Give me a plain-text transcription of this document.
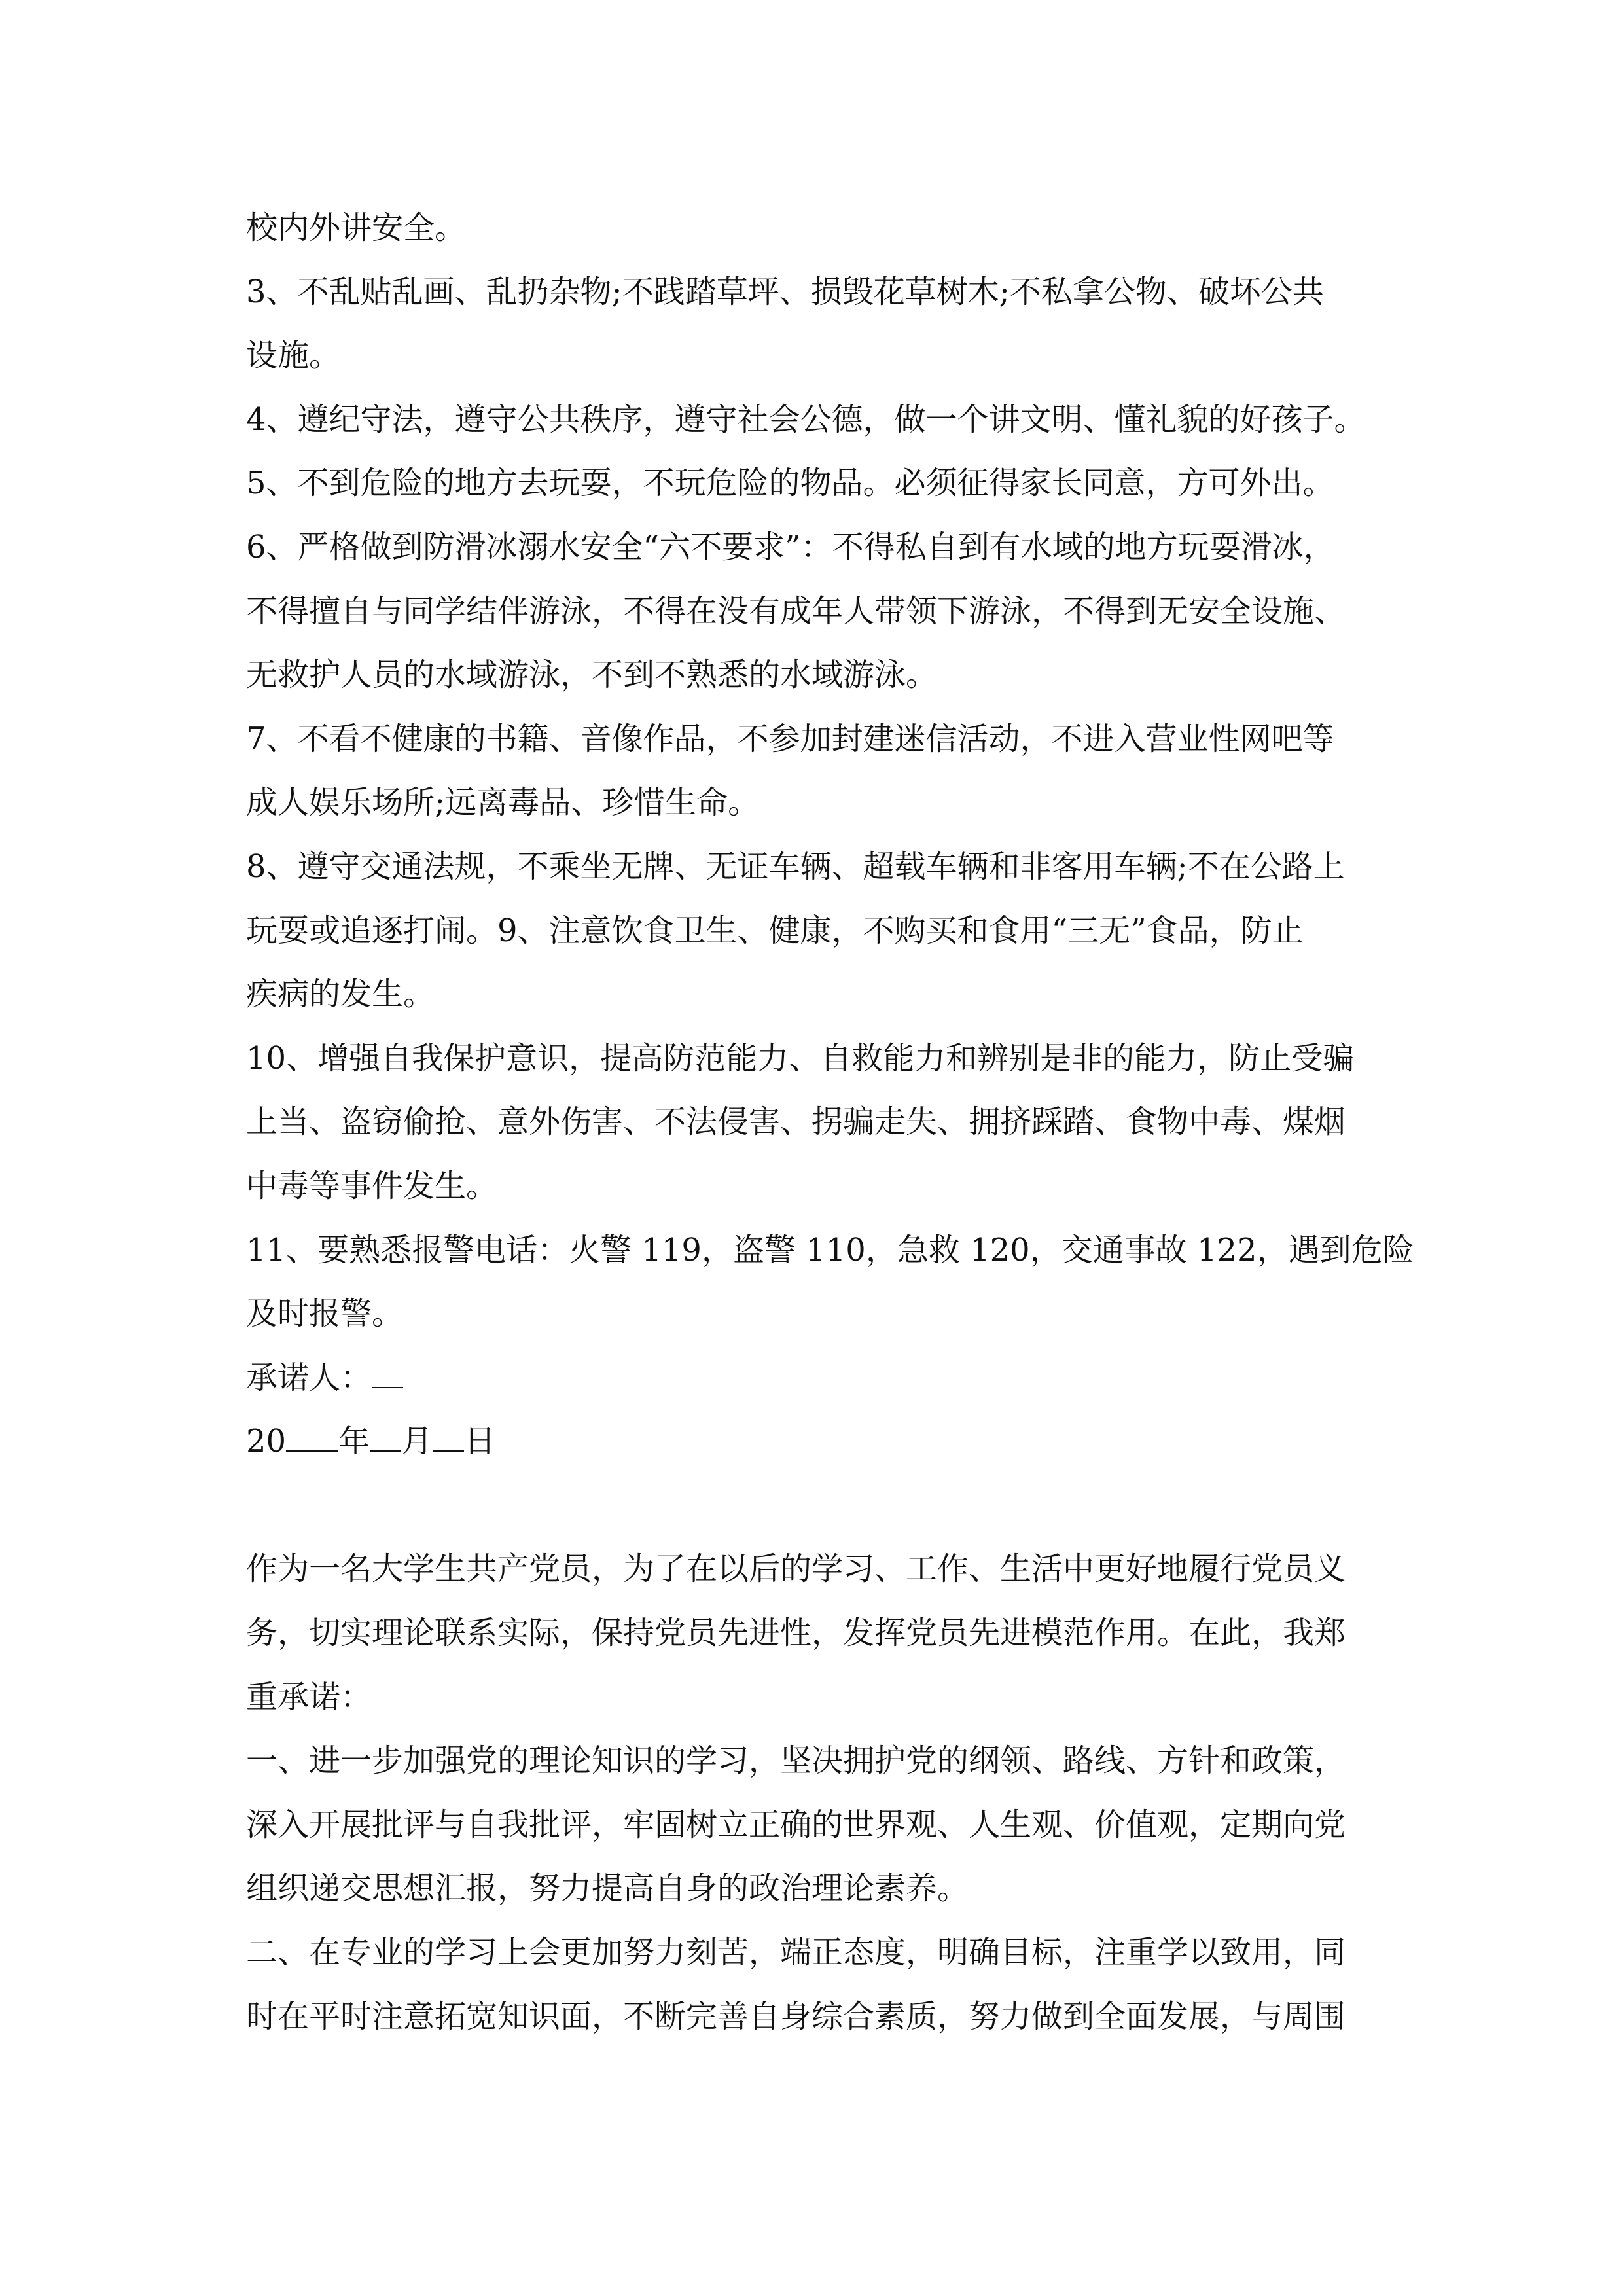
校内外讲安全。
3、不乱贴乱画、乱扔杂物;不践踏草坪、损毁花草树木;不私拿公物、破坏公共
设施。
4、遵纪守法，遵守公共秩序，遵守社会公德，做一个讲文明、懂礼貌的好孩子。
5、不到危险的地方去玩耍，不玩危险的物品。必须征得家长同意，方可外出。
6、严格做到防滑冰溺水安全“六不要求”：不得私自到有水域的地方玩耍滑冰，
不得擅自与同学结伴游泳，不得在没有成年人带领下游泳，不得到无安全设施、
无救护人员的水域游泳，不到不熟悉的水域游泳。
7、不看不健康的书籍、音像作品，不参加封建迷信活动，不进入营业性网吧等
成人娱乐场所;远离毒品、珍惜生命。
8、遵守交通法规，不乘坐无牌、无证车辆、超载车辆和非客用车辆;不在公路上
玩耍或追逐打闹。9、注意饮食卫生、健康，不购买和食用“三无”食品，防止
疾病的发生。
10、增强自我保护意识，提高防范能力、自救能力和辨别是非的能力，防止受骗
上当、盗窃偷抢、意外伤害、不法侵害、拐骗走失、拥挤踩踏、食物中毒、煤烟
中毒等事件发生。
11、要熟悉报警电话：火警 119，盗警 110，急救 120，交通事故 122，遇到危险
及时报警。
承诺人：
20 年 月 日
作为一名大学生共产党员，为了在以后的学习、工作、生活中更好地履行党员义
务，切实理论联系实际，保持党员先进性，发挥党员先进模范作用。在此，我郑
重承诺：
一、进一步加强党的理论知识的学习，坚决拥护党的纲领、路线、方针和政策，
深入开展批评与自我批评，牢固树立正确的世界观、人生观、价值观，定期向党
组织递交思想汇报，努力提高自身的政治理论素养。
二、在专业的学习上会更加努力刻苦，端正态度，明确目标，注重学以致用，同
时在平时注意拓宽知识面，不断完善自身综合素质，努力做到全面发展，与周围
